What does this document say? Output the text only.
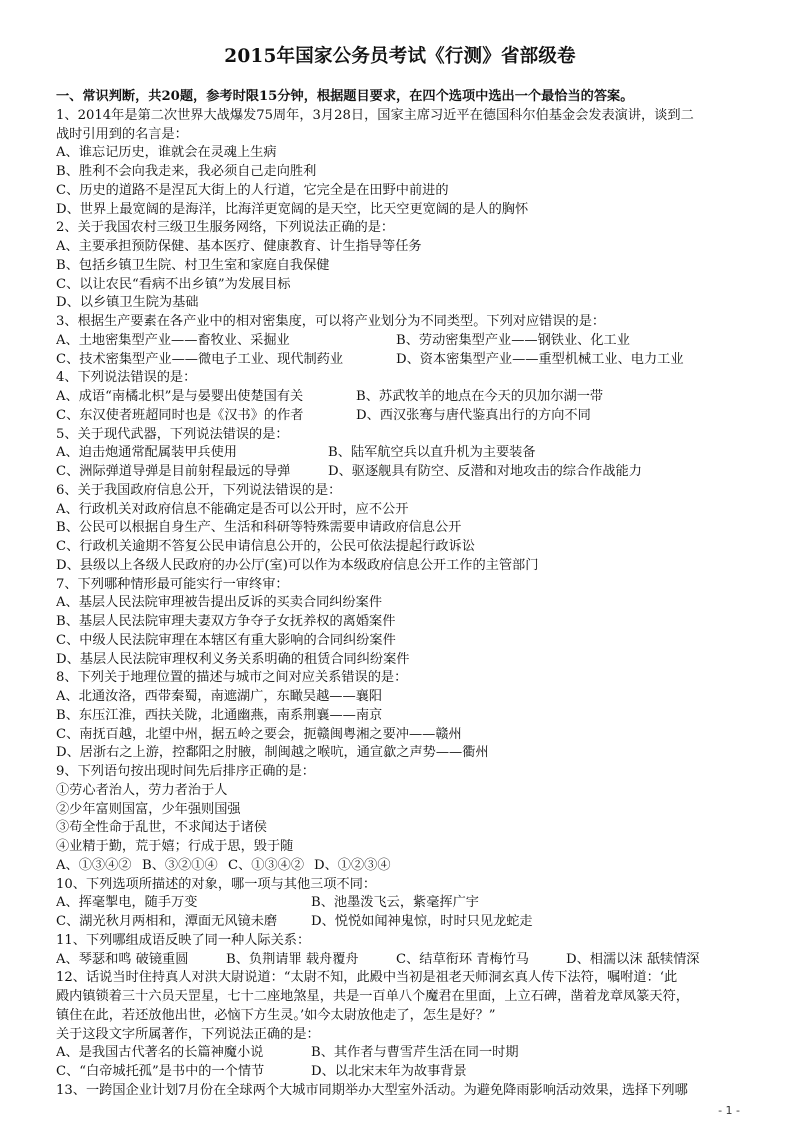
2015年国家公务员考试《行测》省部级卷
一、常识判断，共20题，参考时限15分钟，根据题目要求，在四个选项中选出一个最恰当的答案。
1、2014年是第二次世界大战爆发75周年，3月28日，国家主席习近平在德国科尔伯基金会发表演讲，谈到二
战时引用到的名言是：
A、谁忘记历史，谁就会在灵魂上生病
B、胜利不会向我走来，我必须自己走向胜利
C、历史的道路不是涅瓦大街上的人行道，它完全是在田野中前进的
D、世界上最宽阔的是海洋，比海洋更宽阔的是天空，比天空更宽阔的是人的胸怀
2、关于我国农村三级卫生服务网络，下列说法正确的是：
A、主要承担预防保健、基本医疗、健康教育、计生指导等任务
B、包括乡镇卫生院、村卫生室和家庭自我保健
C、以让农民“看病不出乡镇”为发展目标
D、以乡镇卫生院为基础
3、根据生产要素在各产业中的相对密集度，可以将产业划分为不同类型。下列对应错误的是：
A、土地密集型产业——畜牧业、采掘业	B、劳动密集型产业——钢铁业、化工业
C、技术密集型产业——微电子工业、现代制药业	D、资本密集型产业——重型机械工业、电力工业
4、下列说法错误的是：
A、成语“南橘北枳”是与晏婴出使楚国有关	B、苏武牧羊的地点在今天的贝加尔湖一带
C、东汉使者班超同时也是《汉书》的作者	D、西汉张骞与唐代鉴真出行的方向不同
5、关于现代武器，下列说法错误的是：
A、迫击炮通常配属装甲兵使用	B、陆军航空兵以直升机为主要装备
C、洲际弹道导弹是目前射程最远的导弹	D、驱逐舰具有防空、反潜和对地攻击的综合作战能力
6、关于我国政府信息公开，下列说法错误的是：
A、行政机关对政府信息不能确定是否可以公开时，应不公开
B、公民可以根据自身生产、生活和科研等特殊需要申请政府信息公开
C、行政机关逾期不答复公民申请信息公开的，公民可依法提起行政诉讼
D、县级以上各级人民政府的办公厅(室)可以作为本级政府信息公开工作的主管部门
7、下列哪种情形最可能实行一审终审：
A、基层人民法院审理被告提出反诉的买卖合同纠纷案件
B、基层人民法院审理夫妻双方争夺子女抚养权的离婚案件
C、中级人民法院审理在本辖区有重大影响的合同纠纷案件
D、基层人民法院审理权利义务关系明确的租赁合同纠纷案件
8、下列关于地理位置的描述与城市之间对应关系错误的是：
A、北通汝洛，西带秦蜀，南遮湖广，东瞰吴越——襄阳
B、东压江淮，西扶关陇，北通幽燕，南系荆襄——南京
C、南抚百越，北望中州，据五岭之要会，扼赣闽粤湘之要冲——赣州
D、居浙右之上游，控鄱阳之肘腋，制闽越之喉吭，通宣歙之声势——衢州
9、下列语句按出现时间先后排序正确的是：
①劳心者治人，劳力者治于人
②少年富则国富，少年强则国强
③苟全性命于乱世，不求闻达于诸侯
④业精于勤，荒于嬉；行成于思，毁于随
A、①③④② B、③②①④ C、①③④② D、①②③④
10、下列选项所描述的对象，哪一项与其他三项不同：
A、挥毫掣电，随手万变	B、池墨泼飞云，紫毫挥广宇
C、湖光秋月两相和，潭面无风镜未磨	D、悦悦如闻神鬼惊，时时只见龙蛇走
11、下列哪组成语反映了同一种人际关系：
A、琴瑟和鸣 破镜重圆	B、负荆请罪 载舟覆舟	C、结草衔环 青梅竹马	D、相濡以沫 舐犊情深
12、话说当时住持真人对洪大尉说道：“太尉不知，此殿中当初是祖老天师洞玄真人传下法符，嘱咐道：‘此
殿内镇锁着三十六员天罡星，七十二座地煞星，共是一百单八个魔君在里面，上立石碑，凿着龙章凤篆天符，
镇住在此，若还放他出世，必恼下方生灵。’如今太尉放他走了，怎生是好？”
关于这段文字所属著作，下列说法正确的是：
A、是我国古代著名的长篇神魔小说	B、其作者与曹雪芹生活在同一时期
C、“白帝城托孤”是书中的一个情节	D、以北宋末年为故事背景
13、一跨国企业计划7月份在全球两个大城市同期举办大型室外活动。为避免降雨影响活动效果，选择下列哪
- 1 -
